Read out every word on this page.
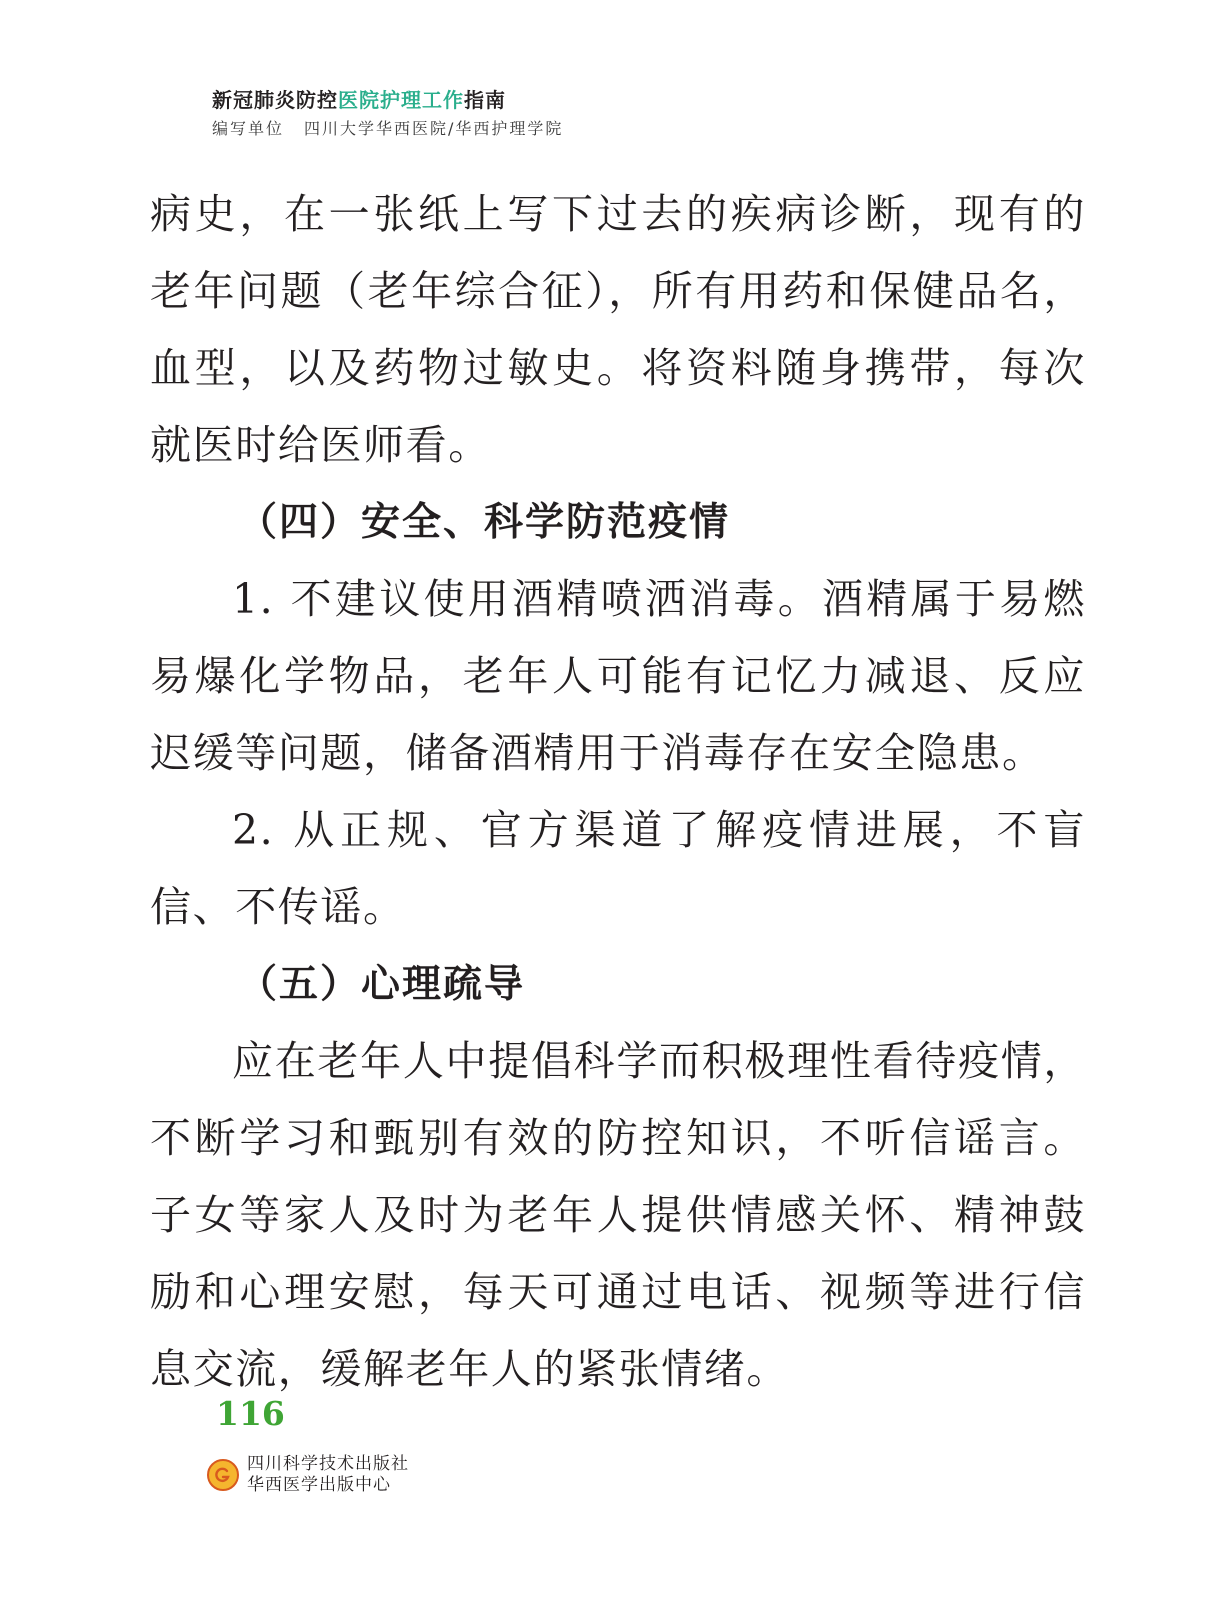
新冠肺炎防控医院护理工作指南
编写单位 四川大学华西医院/华西护理学院

病史，在一张纸上写下过去的疾病诊断，现有的老年问题（老年综合征），所有用药和保健品名，血型，以及药物过敏史。将资料随身携带，每次就医时给医师看。

（四）安全、科学防范疫情

1. 不建议使用酒精喷洒消毒。酒精属于易燃易爆化学物品，老年人可能有记忆力减退、反应迟缓等问题，储备酒精用于消毒存在安全隐患。

2. 从正规、官方渠道了解疫情进展，不盲信、不传谣。

（五）心理疏导

应在老年人中提倡科学而积极理性看待疫情，不断学习和甄别有效的防控知识，不听信谣言。子女等家人及时为老年人提供情感关怀、精神鼓励和心理安慰，每天可通过电话、视频等进行信息交流，缓解老年人的紧张情绪。

116
四川科学技术出版社
华西医学出版中心
